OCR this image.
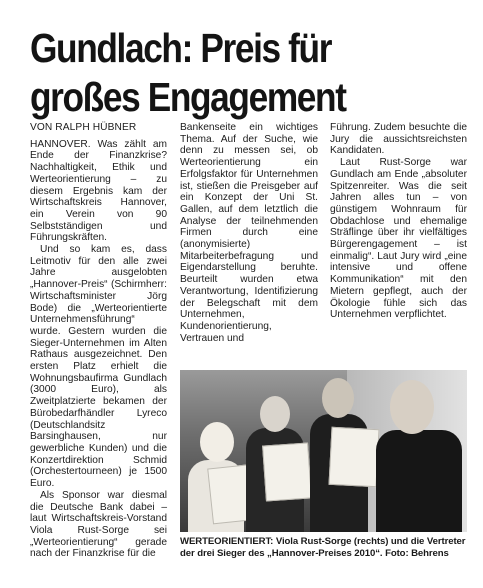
Gundlach: Preis für
großes Engagement

VON RALPH HÜBNER

HANNOVER. Was zählt am Ende der Finanzkrise? Nachhaltigkeit, Ethik und Werteorientierung – zu diesem Ergebnis kam der Wirtschaftskreis Hannover, ein Verein von 90 Selbstständigen und Führungskräften.

Und so kam es, dass Leitmotiv für den alle zwei Jahre ausgelobten „Hannover-Preis“ (Schirmherr: Wirtschaftsminister Jörg Bode) die „Werteorientierte Unternehmensführung“ wurde. Gestern wurden die Sieger-Unternehmen im Alten Rathaus ausgezeichnet. Den ersten Platz erhielt die Wohnungsbaufirma Gundlach (3000 Euro), als Zweitplatzierte bekamen der Bürobedarfhändler Lyreco (Deutschlandsitz Barsinghausen, nur gewerbliche Kunden) und die Konzertdirektion Schmid (Orchestertourneen) je 1500 Euro.

Als Sponsor war diesmal die Deutsche Bank dabei – laut Wirtschaftskreis-Vorstand Viola Rust-Sorge sei „Werteorientierung“ gerade nach der Finanzkrise für die

Bankenseite ein wichtiges Thema. Auf der Suche, wie denn zu messen sei, ob Werteorientierung ein Erfolgsfaktor für Unternehmen ist, stießen die Preisgeber auf ein Konzept der Uni St. Gallen, auf dem letztlich die Analyse der teilnehmenden Firmen durch eine (anonymisierte) Mitarbeiterbefragung und Eigendarstellung beruhte. Beurteilt wurden etwa Verantwortung, Identifizierung der Belegschaft mit dem Unternehmen, Kundenorientierung, Vertrauen und

Führung. Zudem besuchte die Jury die aussichtsreichsten Kandidaten.

Laut Rust-Sorge war Gundlach am Ende „absoluter Spitzenreiter. Was die seit Jahren alles tun – von günstigem Wohnraum für Obdachlose und ehemalige Sträflinge über ihr vielfältiges Bürgerengagement – ist einmalig“. Laut Jury wird „eine intensive und offene Kommunikation“ mit den Mietern gepflegt, auch der Ökologie fühle sich das Unternehmen verpflichtet.

WERTEORIENTIERT: Viola Rust-Sorge (rechts) und die Vertreter der drei Sieger des „Hannover-Preises 2010“. Foto: Behrens
